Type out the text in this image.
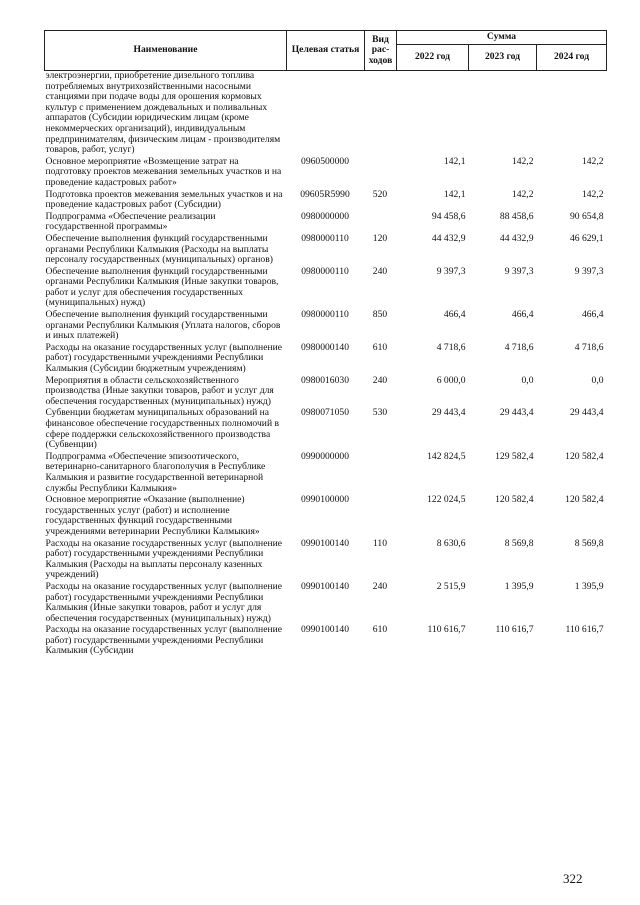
Наименование	Целевая статья	Вид рас-ходов	Сумма		
			2022 год	2023 год	2024 год
электроэнергии, приобретение дизельного топлива потребляемых внутрихозяйственными насосными станциями при подаче воды для орошения кормовых культур с применением дождевальных и поливальных аппаратов (Субсидии юридическим лицам (кроме некоммерческих организаций), индивидуальным предпринимателям, физическим лицам - производителям товаров, работ, услуг)					
Основное мероприятие «Возмещение затрат на подготовку проектов межевания земельных участков и на проведение кадастровых работ»	0960500000		142,1	142,2	142,2
Подготовка проектов межевания земельных участков и на проведение кадастровых работ (Субсидии)	09605R5990	520	142,1	142,2	142,2
Подпрограмма «Обеспечение реализации государственной программы»	0980000000		94 458,6	88 458,6	90 654,8
Обеспечение выполнения функций государственными органами Республики Калмыкия (Расходы на выплаты персоналу государственных (муниципальных) органов)	0980000110	120	44 432,9	44 432,9	46 629,1
Обеспечение выполнения функций государственными органами Республики Калмыкия (Иные закупки товаров, работ и услуг для обеспечения государственных (муниципальных) нужд)	0980000110	240	9 397,3	9 397,3	9 397,3
Обеспечение выполнения функций государственными органами Республики Калмыкия (Уплата налогов, сборов и иных платежей)	0980000110	850	466,4	466,4	466,4
Расходы на оказание государственных услуг (выполнение работ) государственными учреждениями Республики Калмыкия (Субсидии бюджетным учреждениям)	0980000140	610	4 718,6	4 718,6	4 718,6
Мероприятия в области сельскохозяйственного производства (Иные закупки товаров, работ и услуг для обеспечения государственных (муниципальных) нужд)	0980016030	240	6 000,0	0,0	0,0
Субвенции бюджетам муниципальных образований на финансовое обеспечение государственных полномочий в сфере поддержки сельскохозяйственного производства (Субвенции)	0980071050	530	29 443,4	29 443,4	29 443,4
Подпрограмма «Обеспечение эпизоотического, ветеринарно-санитарного благополучия в Республике Калмыкия и развитие государственной ветеринарной службы Республики Калмыкия»	0990000000		142 824,5	129 582,4	120 582,4
Основное мероприятие «Оказание (выполнение) государственных услуг (работ) и исполнение государственных функций государственными учреждениями ветеринарии Республики Калмыкия»	0990100000		122 024,5	120 582,4	120 582,4
Расходы на оказание государственных услуг (выполнение работ) государственными учреждениями Республики Калмыкия (Расходы на выплаты персоналу казенных учреждений)	0990100140	110	8 630,6	8 569,8	8 569,8
Расходы на оказание государственных услуг (выполнение работ) государственными учреждениями Республики Калмыкия (Иные закупки товаров, работ и услуг для обеспечения государственных (муниципальных) нужд)	0990100140	240	2 515,9	1 395,9	1 395,9
Расходы на оказание государственных услуг (выполнение работ) государственными учреждениями Республики Калмыкия (Субсидии	0990100140	610	110 616,7	110 616,7	110 616,7
322
